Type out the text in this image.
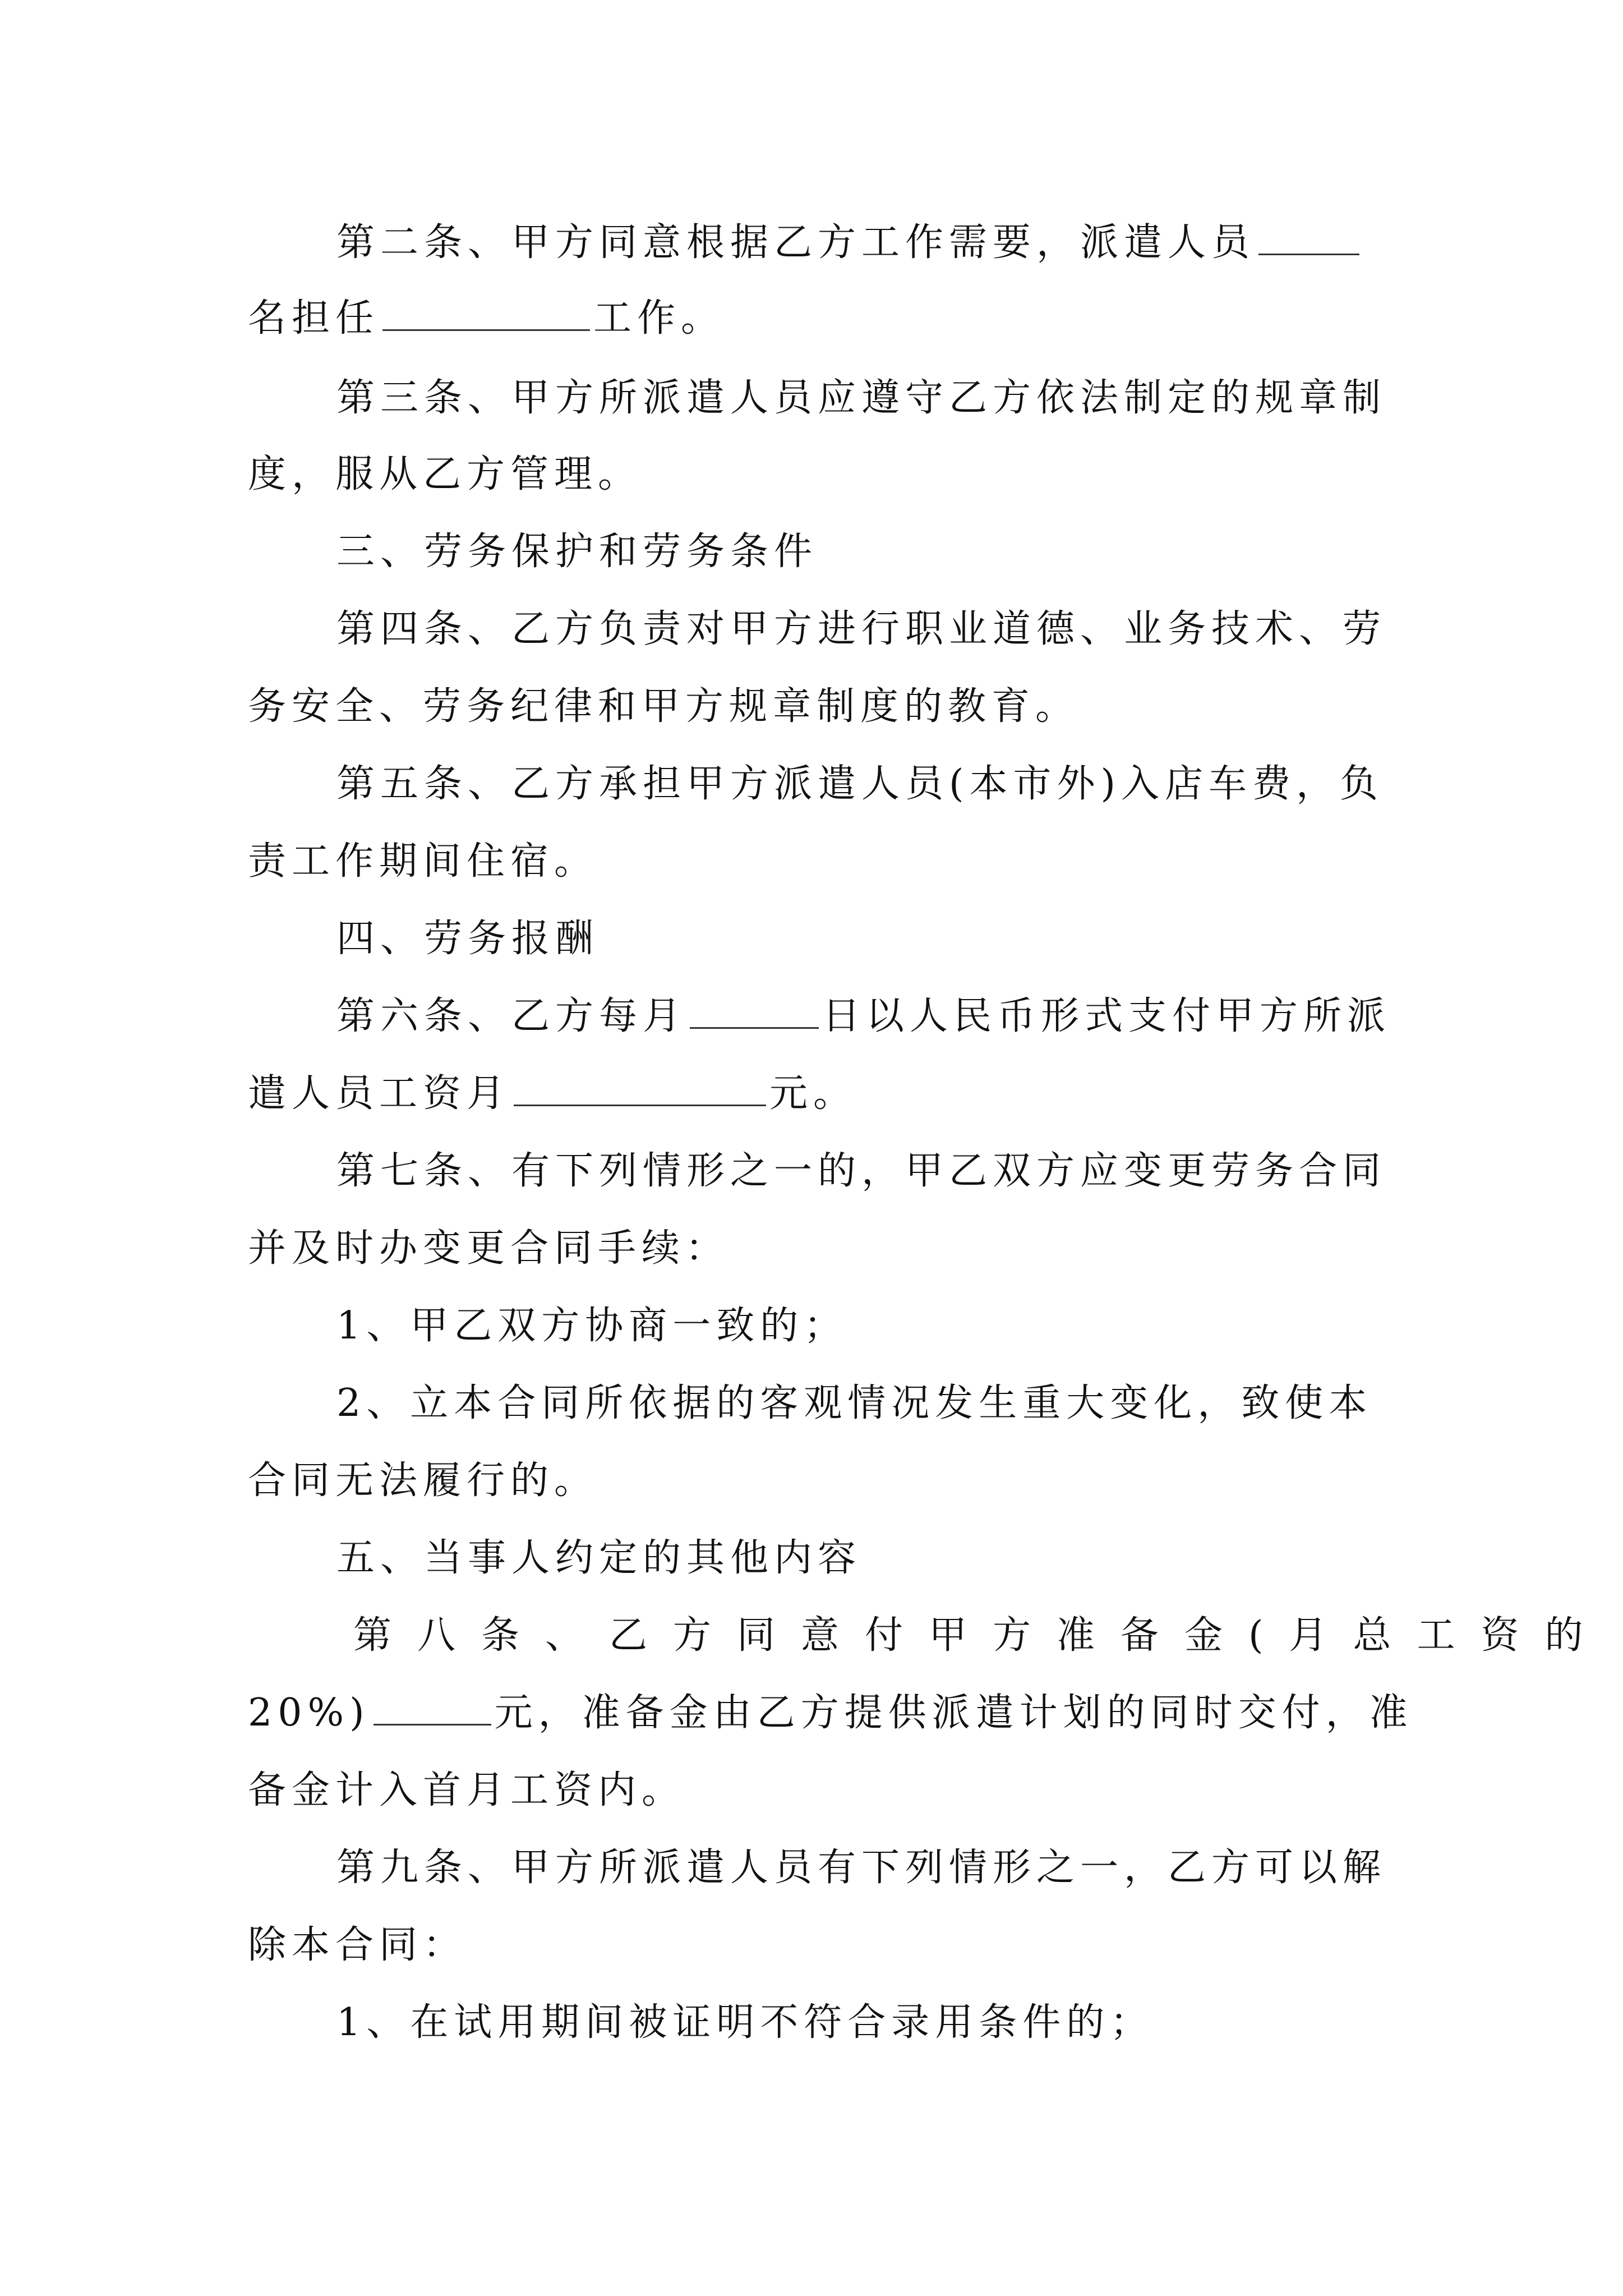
第二条、甲方同意根据乙方工作需要，派遣人员
名担任	工作。
第三条、甲方所派遣人员应遵守乙方依法制定的规章制
度，服从乙方管理。
三、劳务保护和劳务条件
第四条、乙方负责对甲方进行职业道德、业务技术、劳
务安全、劳务纪律和甲方规章制度的教育。
第五条、乙方承担甲方派遣人员(本市外)入店车费，负
责工作期间住宿。
四、劳务报酬
第六条、乙方每月	日以人民币形式支付甲方所派
遣人员工资月	元。
第七条、有下列情形之一的，甲乙双方应变更劳务合同
并及时办变更合同手续：
1、甲乙双方协商一致的；
2、立本合同所依据的客观情况发生重大变化，致使本
合同无法履行的。
五、当事人约定的其他内容
第八条、乙方同意付甲方准备金(月总工资的
20%)	元，准备金由乙方提供派遣计划的同时交付，准
备金计入首月工资内。
第九条、甲方所派遣人员有下列情形之一，乙方可以解
除本合同：
1、在试用期间被证明不符合录用条件的；
